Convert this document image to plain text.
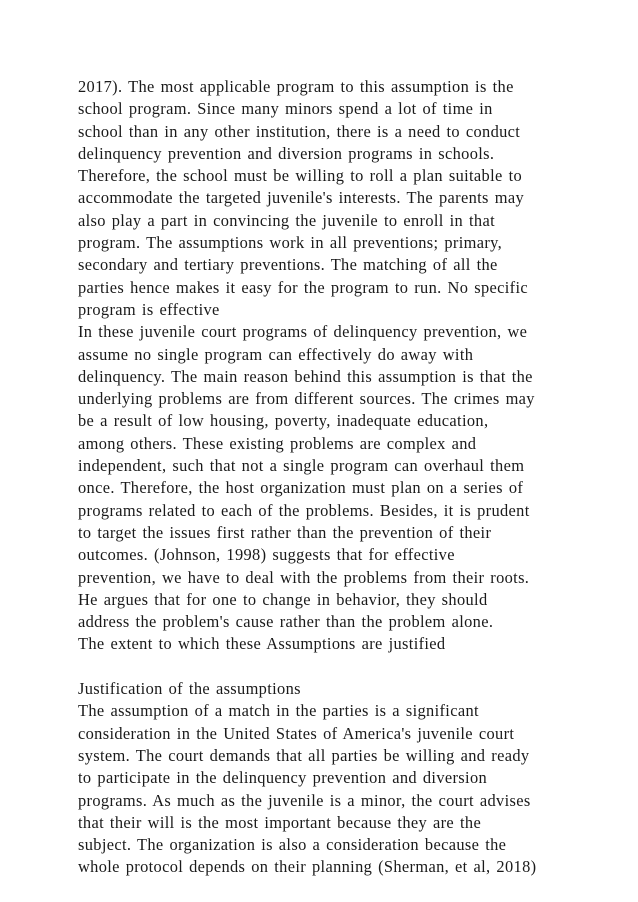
2017). The most applicable program to this assumption is the
school program. Since many minors spend a lot of time in
school than in any other institution, there is a need to conduct
delinquency prevention and diversion programs in schools.
Therefore, the school must be willing to roll a plan suitable to
accommodate the targeted juvenile's interests. The parents may
also play a part in convincing the juvenile to enroll in that
program. The assumptions work in all preventions; primary,
secondary and tertiary preventions. The matching of all the
parties hence makes it easy for the program to run. No specific
program is effective
In these juvenile court programs of delinquency prevention, we
assume no single program can effectively do away with
delinquency. The main reason behind this assumption is that the
underlying problems are from different sources. The crimes may
be a result of low housing, poverty, inadequate education,
among others. These existing problems are complex and
independent, such that not a single program can overhaul them
once. Therefore, the host organization must plan on a series of
programs related to each of the problems. Besides, it is prudent
to target the issues first rather than the prevention of their
outcomes. (Johnson, 1998) suggests that for effective
prevention, we have to deal with the problems from their roots.
He argues that for one to change in behavior, they should
address the problem's cause rather than the problem alone.
The extent to which these Assumptions are justified
Justification of the assumptions
The assumption of a match in the parties is a significant
consideration in the United States of America's juvenile court
system. The court demands that all parties be willing and ready
to participate in the delinquency prevention and diversion
programs. As much as the juvenile is a minor, the court advises
that their will is the most important because they are the
subject. The organization is also a consideration because the
whole protocol depends on their planning (Sherman, et al, 2018)
